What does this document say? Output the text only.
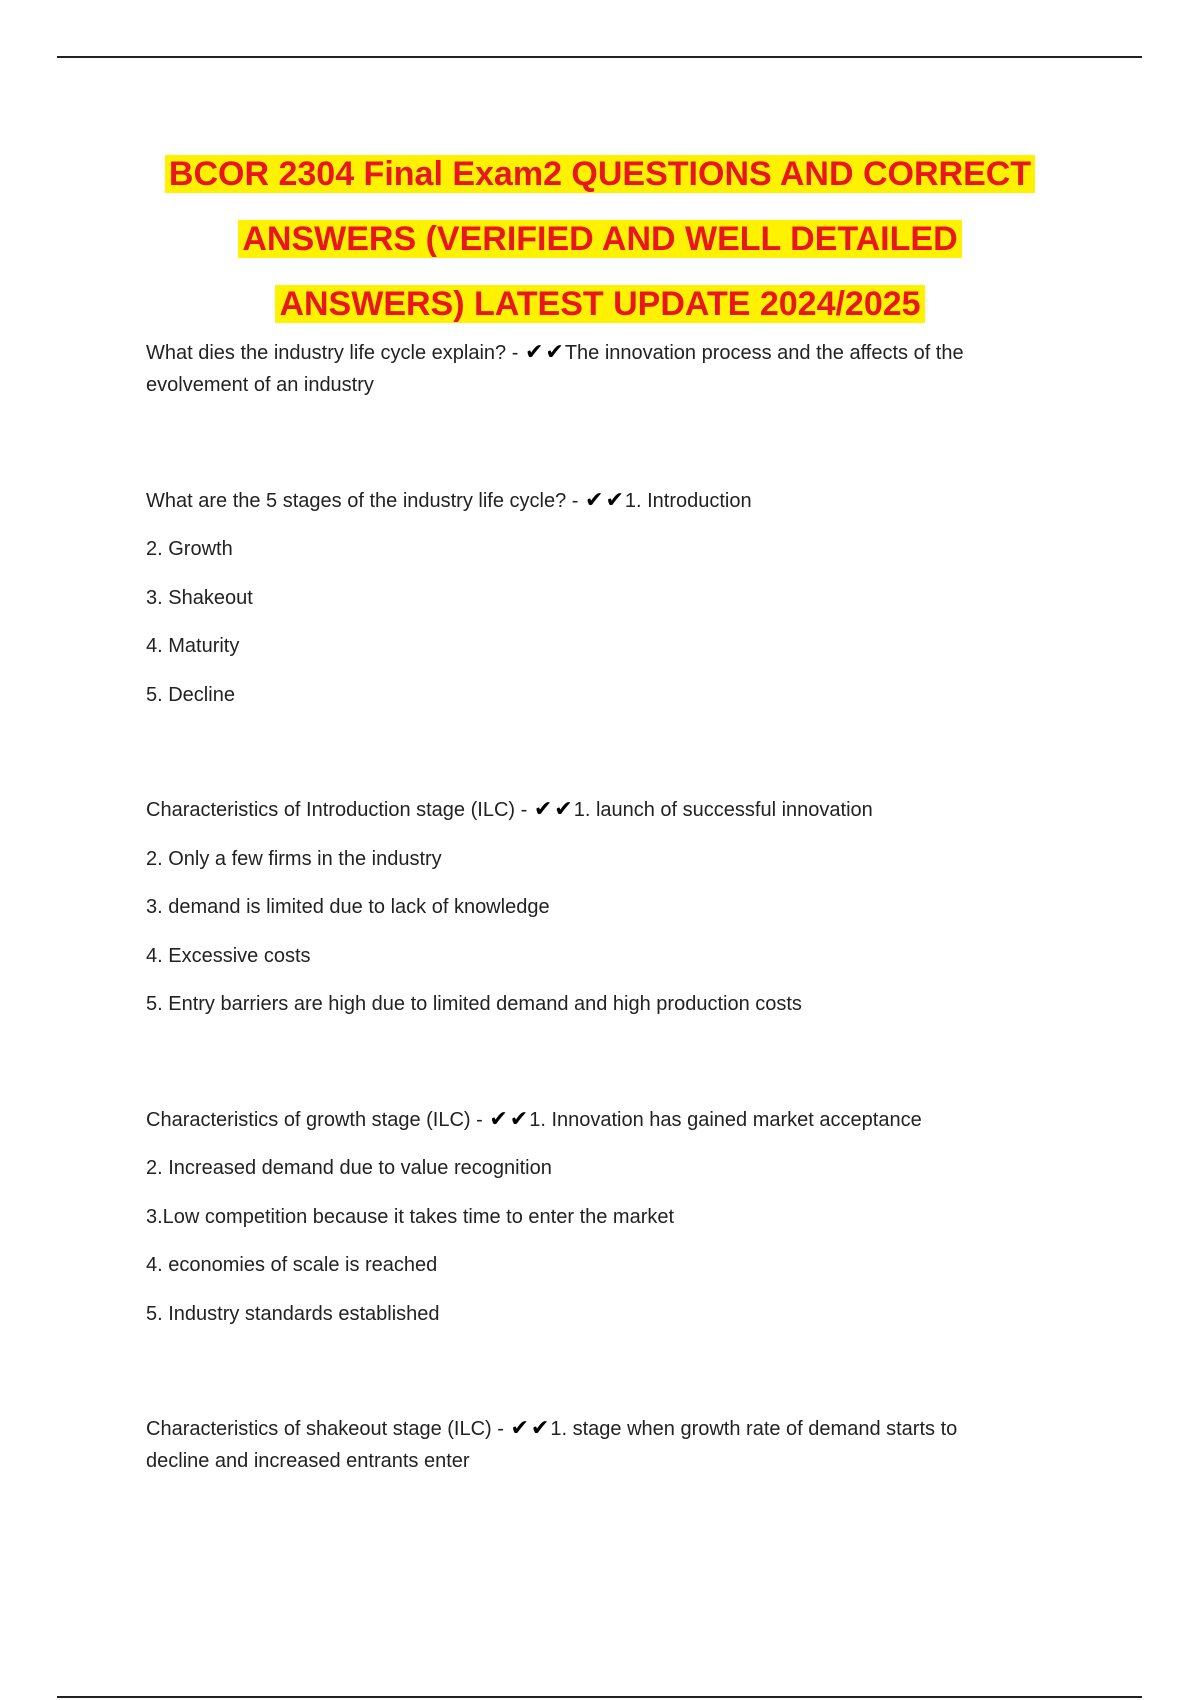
BCOR 2304 Final Exam2 QUESTIONS AND CORRECT
ANSWERS (VERIFIED AND WELL DETAILED
ANSWERS) LATEST UPDATE 2024/2025
What dies the industry life cycle explain? - ✔✔The innovation process and the affects of the
evolvement of an industry
What are the 5 stages of the industry life cycle? - ✔✔1. Introduction
2. Growth
3. Shakeout
4. Maturity
5. Decline
Characteristics of Introduction stage (ILC) - ✔✔1. launch of successful innovation
2. Only a few firms in the industry
3. demand is limited due to lack of knowledge
4. Excessive costs
5. Entry barriers are high due to limited demand and high production costs
Characteristics of growth stage (ILC) - ✔✔1. Innovation has gained market acceptance
2. Increased demand due to value recognition
3.Low competition because it takes time to enter the market
4. economies of scale is reached
5. Industry standards established
Characteristics of shakeout stage (ILC) - ✔✔1. stage when growth rate of demand starts to
decline and increased entrants enter
